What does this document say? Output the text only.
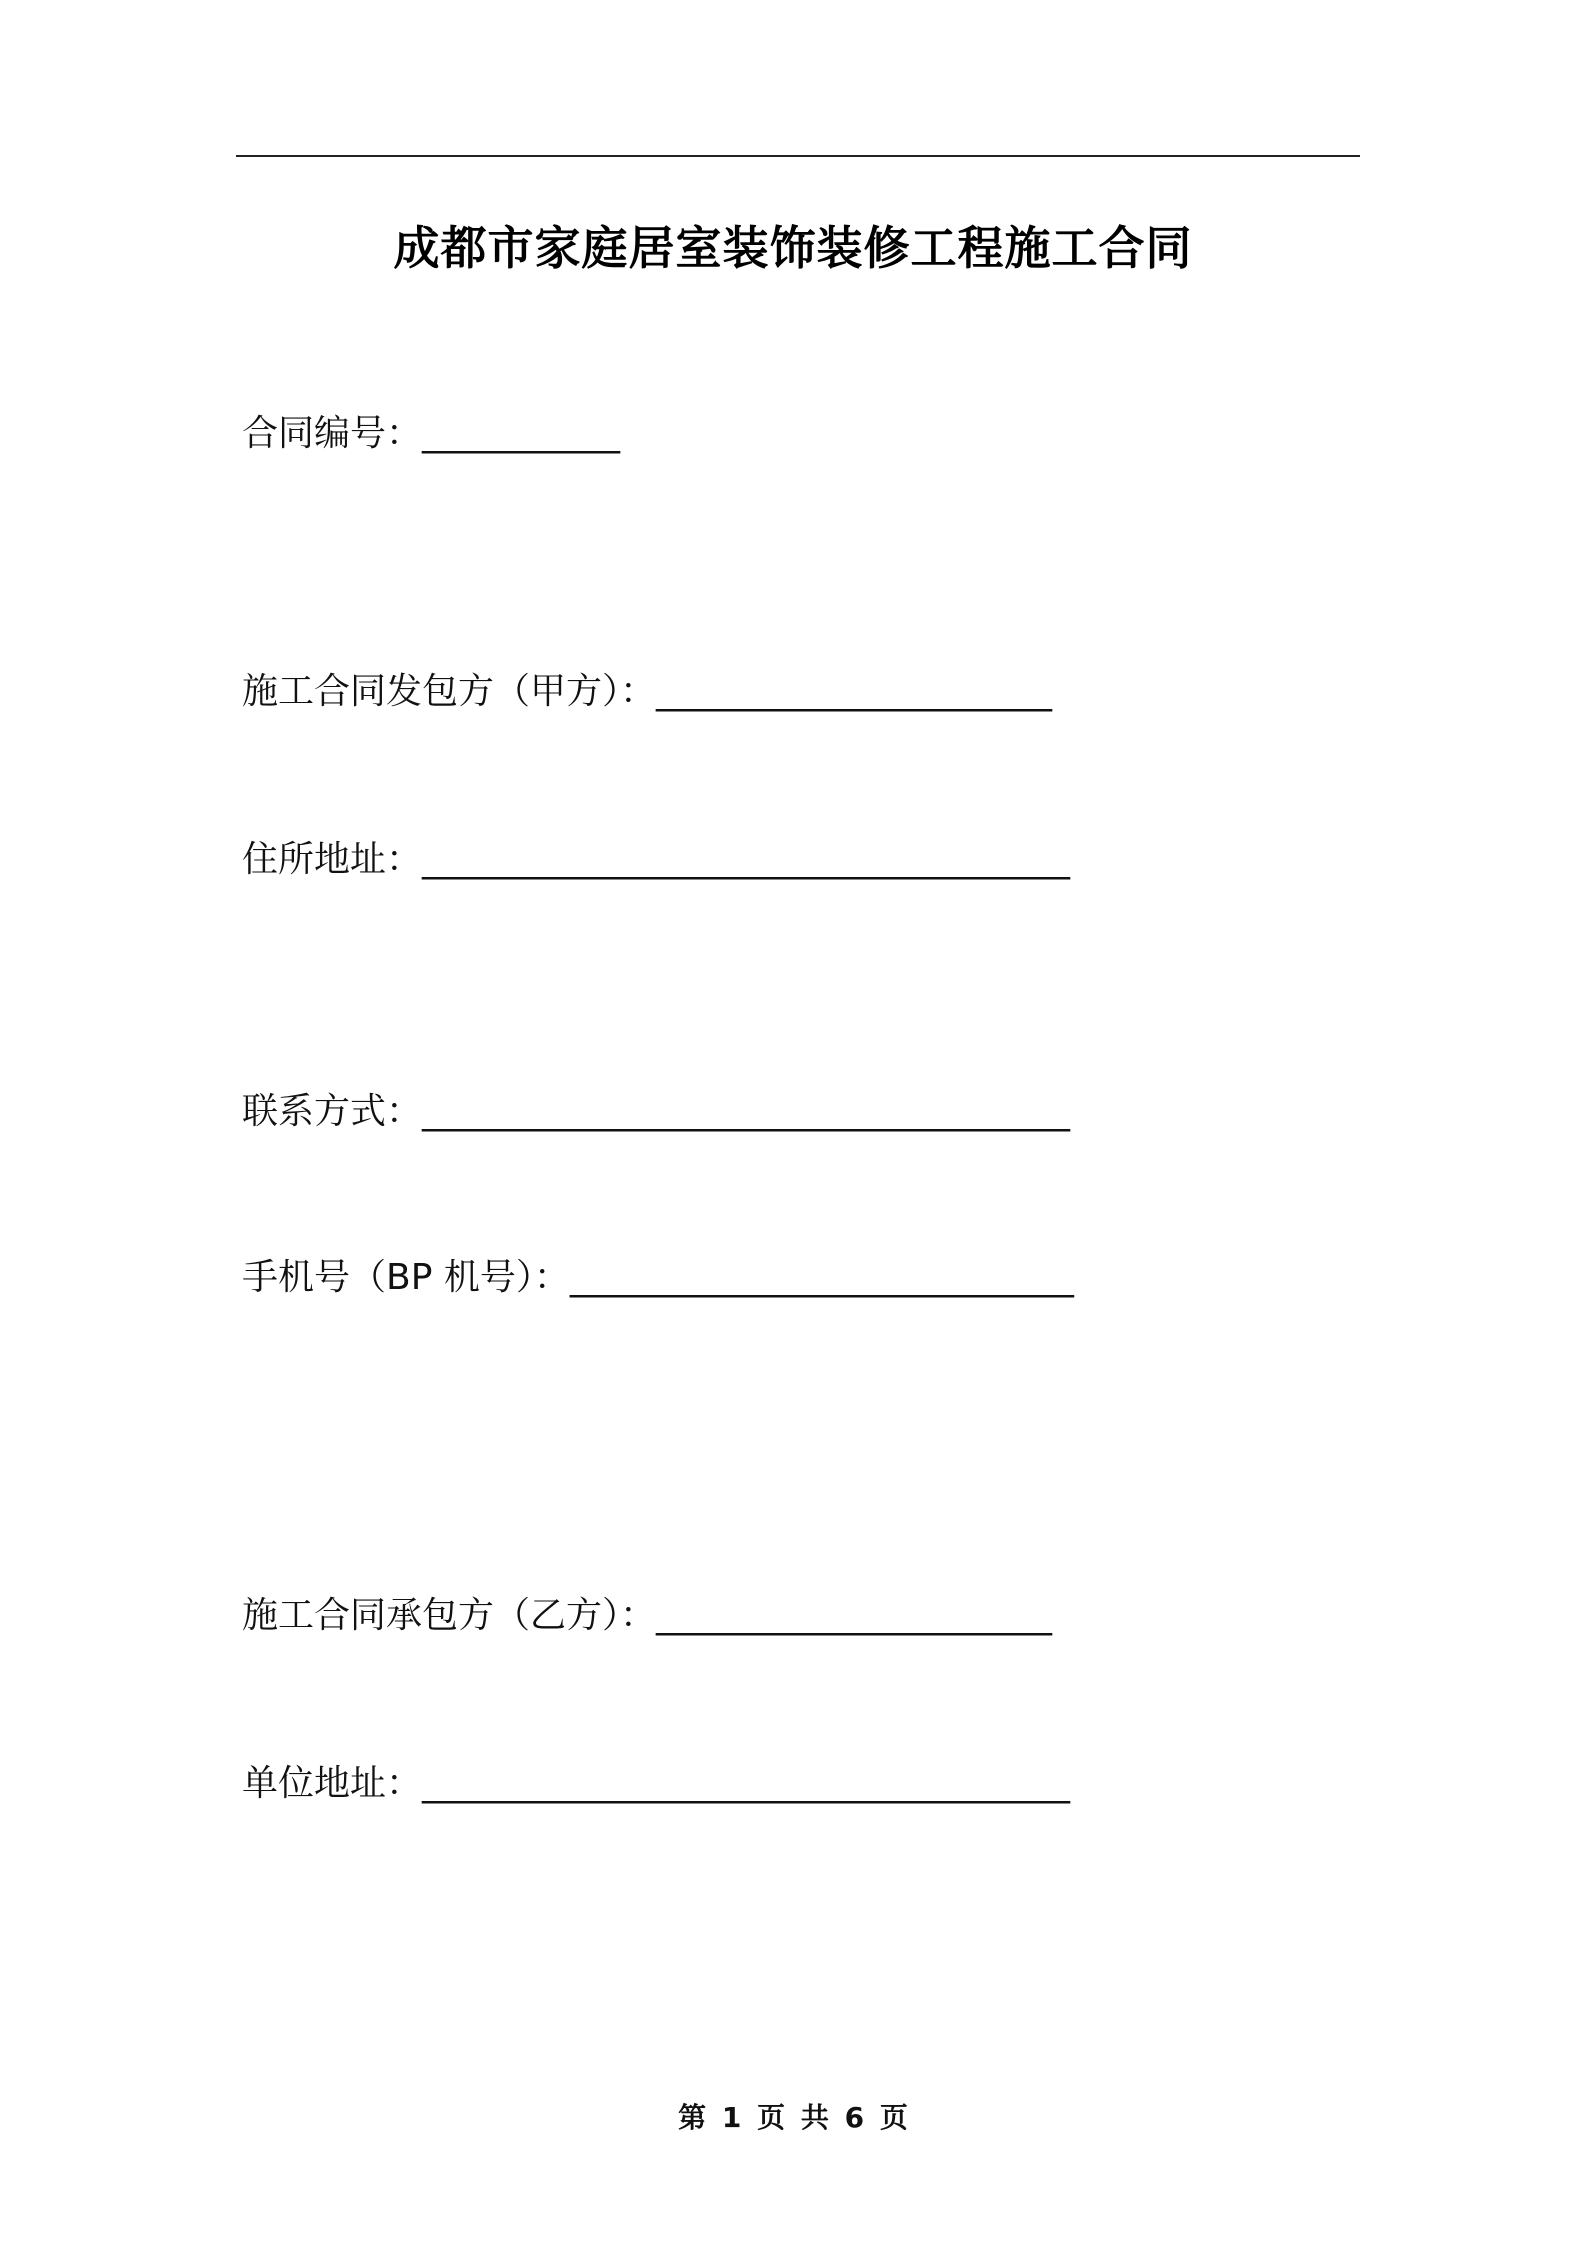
成都市家庭居室装饰装修工程施工合同
合同编号：___________
施工合同发包方（甲方）：______________________
住所地址：____________________________________
联系方式：____________________________________
手机号（BP 机号）：____________________________
施工合同承包方（乙方）：______________________
单位地址：____________________________________
第 1 页 共 6 页
